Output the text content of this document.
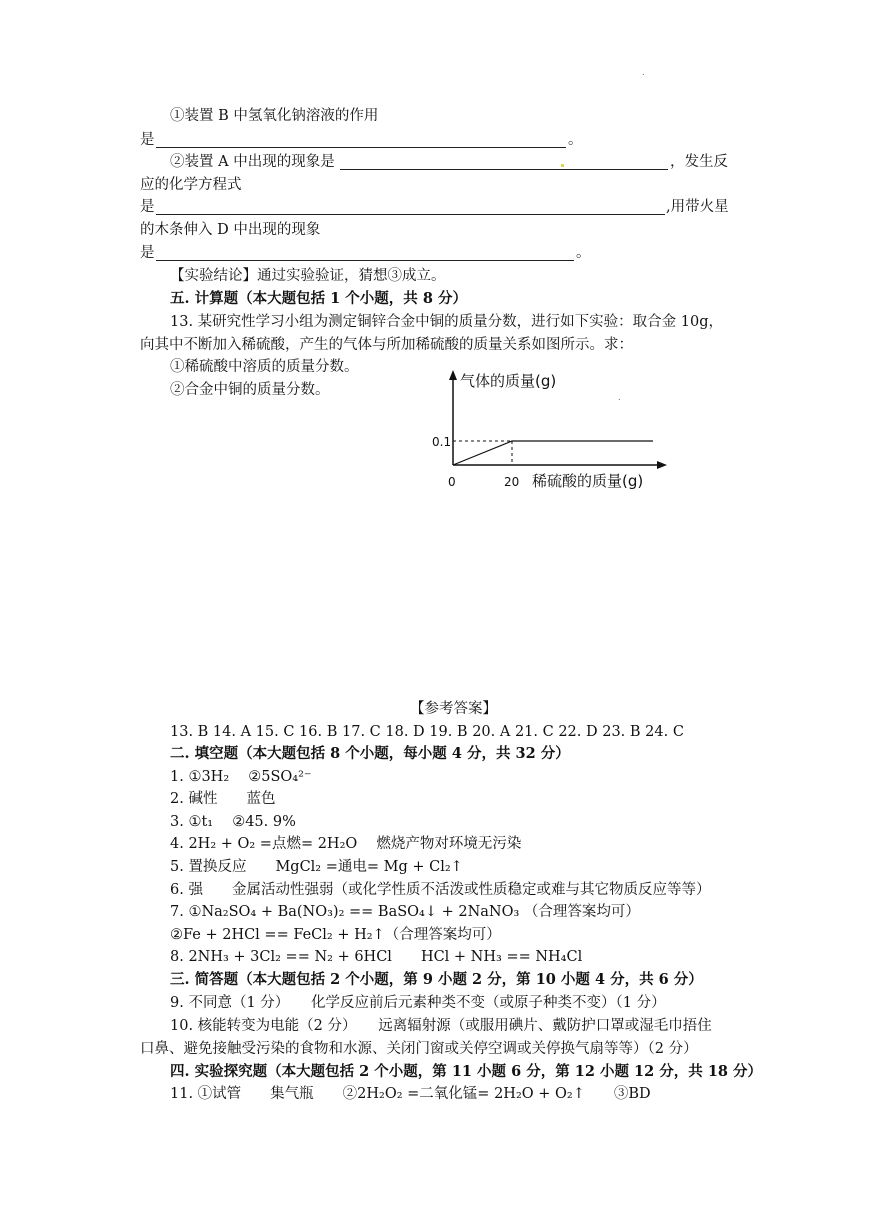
.
①装置 B 中氢氧化钠溶液的作用
是	。
②装置 A 中出现的现象是	，发生反
应的化学方程式
是	,用带火星
的木条伸入 D 中出现的现象
是	。
【实验结论】通过实验验证，猜想③成立。
五. 计算题（本大题包括 1 个小题，共 8 分）
13. 某研究性学习小组为测定铜锌合金中铜的质量分数，进行如下实验：取合金 10g，
向其中不断加入稀硫酸，产生的气体与所加稀硫酸的质量关系如图所示。求：
①稀硫酸中溶质的质量分数。
②合金中铜的质量分数。	气体的质量(g)
0.1
0	20 稀硫酸的质量(g)
.
【参考答案】
13. B 14. A 15. C 16. B 17. C 18. D 19. B 20. A 21. C 22. D 23. B 24. C
二. 填空题（本大题包括 8 个小题，每小题 4 分，共 32 分）
1. ①3H₂　 ②5SO₄²⁻
2. 碱性　　蓝色
3. ①t₁　 ②45. 9%
4. 2H₂ + O₂ =点燃= 2H₂O　 燃烧产物对环境无污染
5. 置换反应　　MgCl₂ =通电= Mg + Cl₂↑
6. 强　　金属活动性强弱（或化学性质不活泼或性质稳定或难与其它物质反应等等）
7. ①Na₂SO₄ + Ba(NO₃)₂ == BaSO₄↓ + 2NaNO₃ （合理答案均可）
②Fe + 2HCl == FeCl₂ + H₂↑（合理答案均可）
8. 2NH₃ + 3Cl₂ == N₂ + 6HCl　　HCl + NH₃ == NH₄Cl
三. 简答题（本大题包括 2 个小题，第 9 小题 2 分，第 10 小题 4 分，共 6 分）
9. 不同意（1 分）　　化学反应前后元素种类不变（或原子种类不变）（1 分）
10. 核能转变为电能（2 分）　　远离辐射源（或服用碘片、戴防护口罩或湿毛巾捂住
口鼻、避免接触受污染的食物和水源、关闭门窗或关停空调或关停换气扇等等）（2 分）
四. 实验探究题（本大题包括 2 个小题，第 11 小题 6 分，第 12 小题 12 分，共 18 分）
11. ①试管　　集气瓶　　②2H₂O₂ =二氧化锰= 2H₂O + O₂↑　　③BD
